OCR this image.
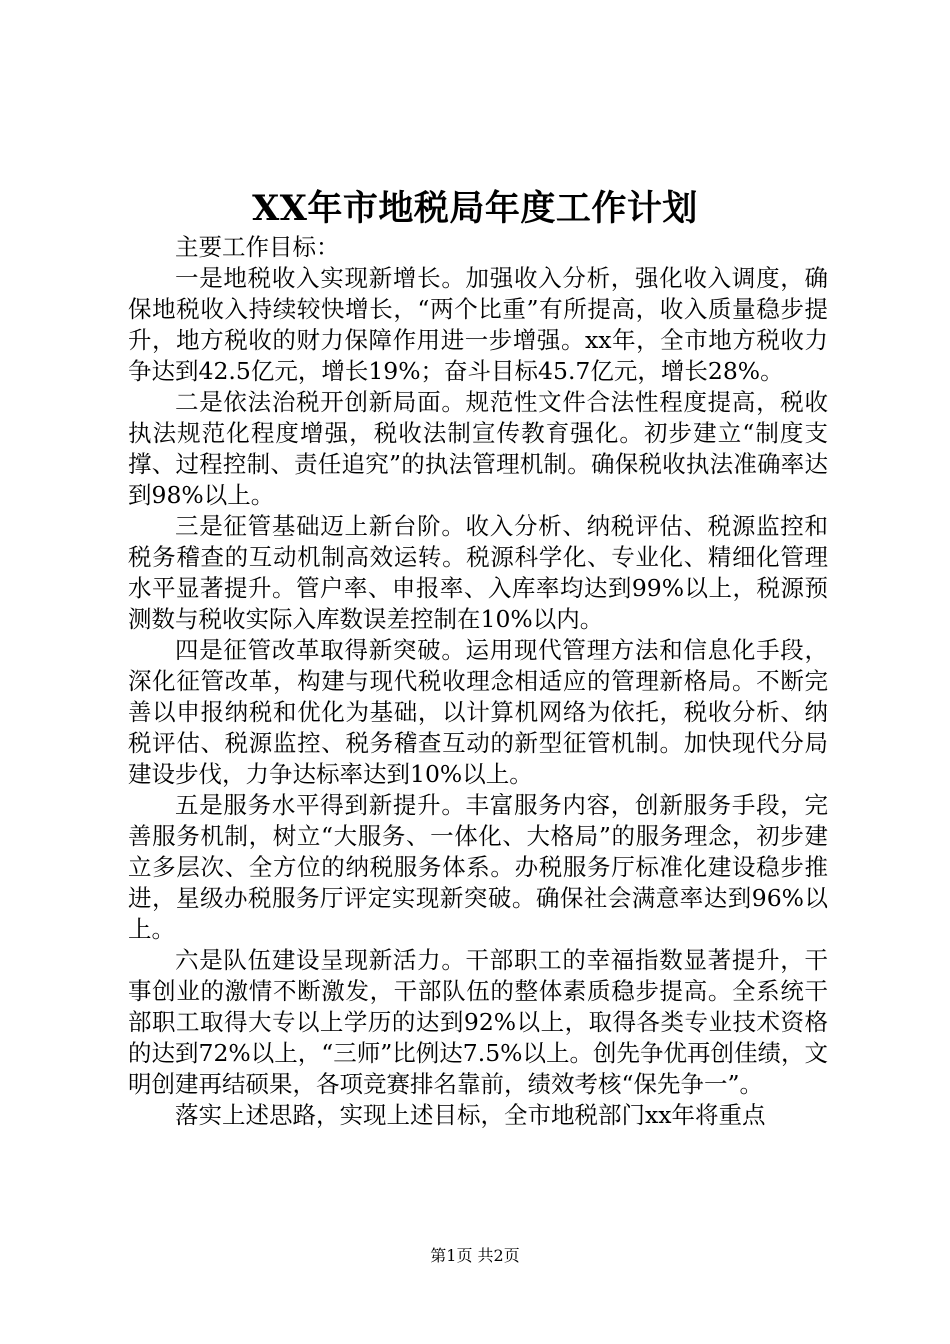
XX年市地税局年度工作计划

主要工作目标：

一是地税收入实现新增长。加强收入分析，强化收入调度，确保地税收入持续较快增长，“两个比重”有所提高，收入质量稳步提升，地方税收的财力保障作用进一步增强。xx年，全市地方税收力争达到42.5亿元，增长19%；奋斗目标45.7亿元，增长28%。

二是依法治税开创新局面。规范性文件合法性程度提高，税收执法规范化程度增强，税收法制宣传教育强化。初步建立“制度支撑、过程控制、责任追究”的执法管理机制。确保税收执法准确率达到98%以上。

三是征管基础迈上新台阶。收入分析、纳税评估、税源监控和税务稽查的互动机制高效运转。税源科学化、专业化、精细化管理水平显著提升。管户率、申报率、入库率均达到99%以上，税源预测数与税收实际入库数误差控制在10%以内。

四是征管改革取得新突破。运用现代管理方法和信息化手段，深化征管改革，构建与现代税收理念相适应的管理新格局。不断完善以申报纳税和优化为基础，以计算机网络为依托，税收分析、纳税评估、税源监控、税务稽查互动的新型征管机制。加快现代分局建设步伐，力争达标率达到10%以上。

五是服务水平得到新提升。丰富服务内容，创新服务手段，完善服务机制，树立“大服务、一体化、大格局”的服务理念，初步建立多层次、全方位的纳税服务体系。办税服务厅标准化建设稳步推进，星级办税服务厅评定实现新突破。确保社会满意率达到96%以上。

六是队伍建设呈现新活力。干部职工的幸福指数显著提升，干事创业的激情不断激发，干部队伍的整体素质稳步提高。全系统干部职工取得大专以上学历的达到92%以上，取得各类专业技术资格的达到72%以上，“三师”比例达7.5%以上。创先争优再创佳绩，文明创建再结硕果，各项竞赛排名靠前，绩效考核“保先争一”。

落实上述思路，实现上述目标，全市地税部门xx年将重点

第1页 共2页
